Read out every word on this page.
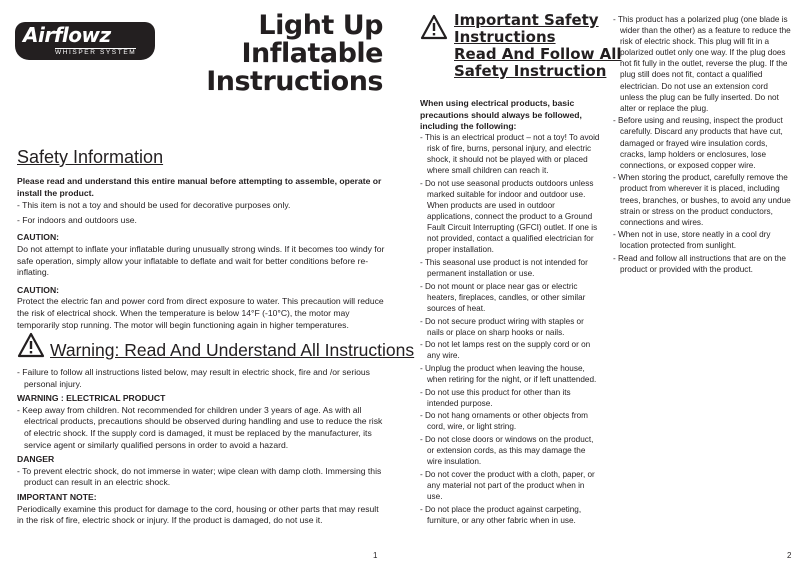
Airflowz
WHISPER SYSTEM
Light Up
Inflatable
Instructions
Safety Information
Please read and understand this entire manual before attempting to assemble, operate or install the product.
- This item is not a toy and should be used for decorative purposes only.
- For indoors and outdoors use.
CAUTION:
Do not attempt to inflate your inflatable during unusually strong winds. If it becomes too windy for safe operation, simply allow your inflatable to deflate and wait for better conditions before re-inflating.
CAUTION:
Protect the electric fan and power cord from direct exposure to water. This precaution will reduce the risk of electrical shock. When the temperature is below 14°F (-10°C), the motor may temporarily stop running. The motor will begin functioning again in higher temperatures.
Warning: Read And Understand All Instructions
- Failure to follow all instructions listed below, may result in electric shock, fire and /or serious personal injury.
WARNING : ELECTRICAL PRODUCT
- Keep away from children. Not recommended for children under 3 years of age. As with all electrical products, precautions should be observed during handling and use to reduce the risk of electric shock. If the supply cord is damaged, it must be replaced by the manufacturer, its service agent or similarly qualified persons in order to avoid a hazard.
DANGER
- To prevent electric shock, do not immerse in water; wipe clean with damp cloth. Immersing this product can result in an electric shock.
IMPORTANT NOTE:
Periodically examine this product for damage to the cord, housing or other parts that may result in the risk of fire, electric shock or injury. If the product is damaged, do not use it.
1
Important Safety
Instructions
Read And Follow All
Safety Instruction
When using electrical products, basic precautions should always be followed, including the following:
- This is an electrical product – not a toy! To avoid risk of fire, burns, personal injury, and electric shock, it should not be played with or placed where small children can reach it.
- Do not use seasonal products outdoors unless marked suitable for indoor and outdoor use. When products are used in outdoor applications, connect the product to a Ground Fault Circuit Interrupting (GFCI) outlet. If one is not provided, contact a qualified electrician for proper installation.
- This seasonal use product is not intended for permanent installation or use.
- Do not mount or place near gas or electric heaters, fireplaces, candles, or other similar sources of heat.
- Do not secure product wiring with staples or nails or place on sharp hooks or nails.
- Do not let lamps rest on the supply cord or on any wire.
- Unplug the product when leaving the house, when retiring for the night, or if left unattended.
- Do not use this product for other than its intended purpose.
- Do not hang ornaments or other objects from cord, wire, or light string.
- Do not close doors or windows on the product, or extension cords, as this may damage the wire insulation.
- Do not cover the product with a cloth, paper, or any material not part of the product when in use.
- Do not place the product against carpeting, furniture, or any other fabric when in use.
- This product has a polarized plug (one blade is wider than the other) as a feature to reduce the risk of electric shock. This plug will fit in a polarized outlet only one way. If the plug does not fit fully in the outlet, reverse the plug. If the plug still does not fit, contact a qualified electrician. Do not use an extension cord unless the plug can be fully inserted. Do not alter or replace the plug.
- Before using and reusing, inspect the product carefully. Discard any products that have cut, damaged or frayed wire insulation cords, cracks, lamp holders or enclosures, lose connections, or exposed copper wire.
- When storing the product, carefully remove the product from wherever it is placed, including trees, branches, or bushes, to avoid any undue strain or stress on the product conductors, connections and wires.
- When not in use, store neatly in a cool dry location protected from sunlight.
- Read and follow all instructions that are on the product or provided with the product.
2
